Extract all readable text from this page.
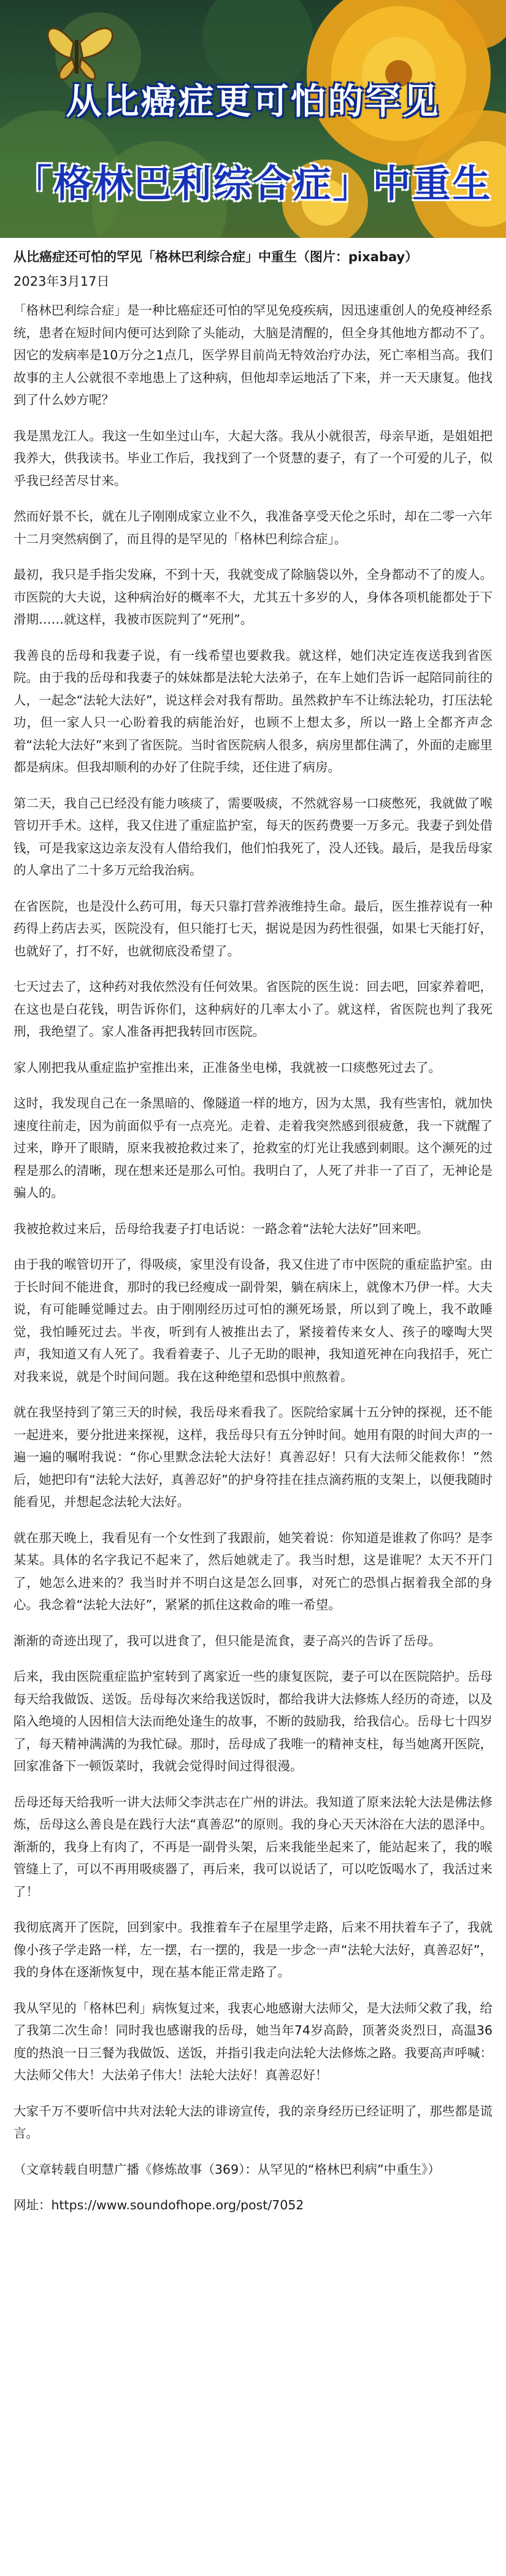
从比癌症更可怕的罕见
「格林巴利综合症」中重生
从比癌症还可怕的罕见「格林巴利综合症」中重生（图片：pixabay）
2023年3月17日

「格林巴利综合症」是一种比癌症还可怕的罕见免疫疾病，因迅速重创人的免疫神经系统，患者在短时间内便可达到除了头能动，大脑是清醒的，但全身其他地方都动不了。因它的发病率是10万分之1点几，医学界目前尚无特效治疗办法，死亡率相当高。我们故事的主人公就很不幸地患上了这种病，但他却幸运地活了下来，并一天天康复。他找到了什么妙方呢？

我是黑龙江人。我这一生如坐过山车，大起大落。我从小就很苦，母亲早逝，是姐姐把我养大，供我读书。毕业工作后，我找到了一个贤慧的妻子，有了一个可爱的儿子，似乎我已经苦尽甘来。

然而好景不长，就在儿子刚刚成家立业不久，我准备享受天伦之乐时，却在二零一六年十二月突然病倒了，而且得的是罕见的「格林巴利综合症」。

最初，我只是手指尖发麻，不到十天，我就变成了除脑袋以外，全身都动不了的废人。市医院的大夫说，这种病治好的概率不大，尤其五十多岁的人，身体各项机能都处于下滑期……就这样，我被市医院判了“死刑”。

我善良的岳母和我妻子说，有一线希望也要救我。就这样，她们决定连夜送我到省医院。由于我的岳母和我妻子的妹妹都是法轮大法弟子，在车上她们告诉一起陪同前往的人，一起念“法轮大法好”，说这样会对我有帮助。虽然救护车不让练法轮功，打压法轮功，但一家人只一心盼着我的病能治好，也顾不上想太多，所以一路上全都齐声念着“法轮大法好”来到了省医院。当时省医院病人很多，病房里都住满了，外面的走廊里都是病床。但我却顺利的办好了住院手续，还住进了病房。

第二天，我自己已经没有能力咳痰了，需要吸痰，不然就容易一口痰憋死，我就做了喉管切开手术。这样，我又住进了重症监护室，每天的医药费要一万多元。我妻子到处借钱，可是我家这边亲友没有人借给我们，他们怕我死了，没人还钱。最后，是我岳母家的人拿出了二十多万元给我治病。

在省医院，也是没什么药可用，每天只靠打营养液维持生命。最后，医生推荐说有一种药得上药店去买，医院没有，但只能打七天，据说是因为药性很强，如果七天能打好，也就好了，打不好，也就彻底没希望了。

七天过去了，这种药对我依然没有任何效果。省医院的医生说：回去吧，回家养着吧，在这也是白花钱，明告诉你们，这种病好的几率太小了。就这样，省医院也判了我死刑，我绝望了。家人准备再把我转回市医院。

家人刚把我从重症监护室推出来，正准备坐电梯，我就被一口痰憋死过去了。

这时，我发现自己在一条黑暗的、像隧道一样的地方，因为太黑，我有些害怕，就加快速度往前走，因为前面似乎有一点亮光。走着、走着我突然感到很疲惫，我一下就醒了过来，睁开了眼睛，原来我被抢救过来了，抢救室的灯光让我感到刺眼。这个濒死的过程是那么的清晰，现在想来还是那么可怕。我明白了，人死了并非一了百了，无神论是骗人的。

我被抢救过来后，岳母给我妻子打电话说：一路念着“法轮大法好”回来吧。

由于我的喉管切开了，得吸痰，家里没有设备，我又住进了市中医院的重症监护室。由于长时间不能进食，那时的我已经瘦成一副骨架，躺在病床上，就像木乃伊一样。大夫说，有可能睡觉睡过去。由于刚刚经历过可怕的濒死场景，所以到了晚上，我不敢睡觉，我怕睡死过去。半夜，听到有人被推出去了，紧接着传来女人、孩子的嚎啕大哭声，我知道又有人死了。我看着妻子、儿子无助的眼神，我知道死神在向我招手，死亡对我来说，就是个时间问题。我在这种绝望和恐惧中煎熬着。

就在我坚持到了第三天的时候，我岳母来看我了。医院给家属十五分钟的探视，还不能一起进来，要分批进来探视，这样，我岳母只有五分钟时间。她用有限的时间大声的一遍一遍的嘱咐我说：“你心里默念法轮大法好！真善忍好！只有大法师父能救你！”然后，她把印有“法轮大法好，真善忍好”的护身符挂在挂点滴药瓶的支架上，以便我随时能看见，并想起念法轮大法好。

就在那天晚上，我看见有一个女性到了我跟前，她笑着说：你知道是谁救了你吗？是李某某。具体的名字我记不起来了，然后她就走了。我当时想，这是谁呢？太天不开门了，她怎么进来的？我当时并不明白这是怎么回事，对死亡的恐惧占据着我全部的身心。我念着“法轮大法好”，紧紧的抓住这救命的唯一希望。

渐渐的奇迹出现了，我可以进食了，但只能是流食，妻子高兴的告诉了岳母。

后来，我由医院重症监护室转到了离家近一些的康复医院，妻子可以在医院陪护。岳母每天给我做饭、送饭。岳母每次来给我送饭时，都给我讲大法修炼人经历的奇迹，以及陷入绝境的人因相信大法而绝处逢生的故事，不断的鼓励我，给我信心。岳母七十四岁了，每天精神满满的为我忙碌。那时，岳母成了我唯一的精神支柱，每当她离开医院，回家准备下一顿饭菜时，我就会觉得时间过得很漫。

岳母还每天给我听一讲大法师父李洪志在广州的讲法。我知道了原来法轮大法是佛法修炼，岳母这么善良是在践行大法“真善忍”的原则。我的身心天天沐浴在大法的恩泽中。渐渐的，我身上有肉了，不再是一副骨头架，后来我能坐起来了，能站起来了，我的喉管缝上了，可以不再用吸痰器了，再后来，我可以说话了，可以吃饭喝水了，我活过来了！

我彻底离开了医院，回到家中。我推着车子在屋里学走路，后来不用扶着车子了，我就像小孩子学走路一样，左一摆，右一摆的，我是一步念一声“法轮大法好，真善忍好”，我的身体在逐渐恢复中，现在基本能正常走路了。

我从罕见的「格林巴利」病恢复过来，我衷心地感谢大法师父，是大法师父救了我，给了我第二次生命！同时我也感谢我的岳母，她当年74岁高龄，顶著炎炎烈日，高温36度的热浪一日三餐为我做饭、送饭，并指引我走向法轮大法修炼之路。我要高声呼喊：大法师父伟大！大法弟子伟大！法轮大法好！真善忍好！

大家千万不要听信中共对法轮大法的诽谤宣传，我的亲身经历已经证明了，那些都是谎言。

（文章转载自明慧广播《修炼故事（369）：从罕见的“格林巴利病”中重生》）

网址：https://www.soundofhope.org/post/7052
